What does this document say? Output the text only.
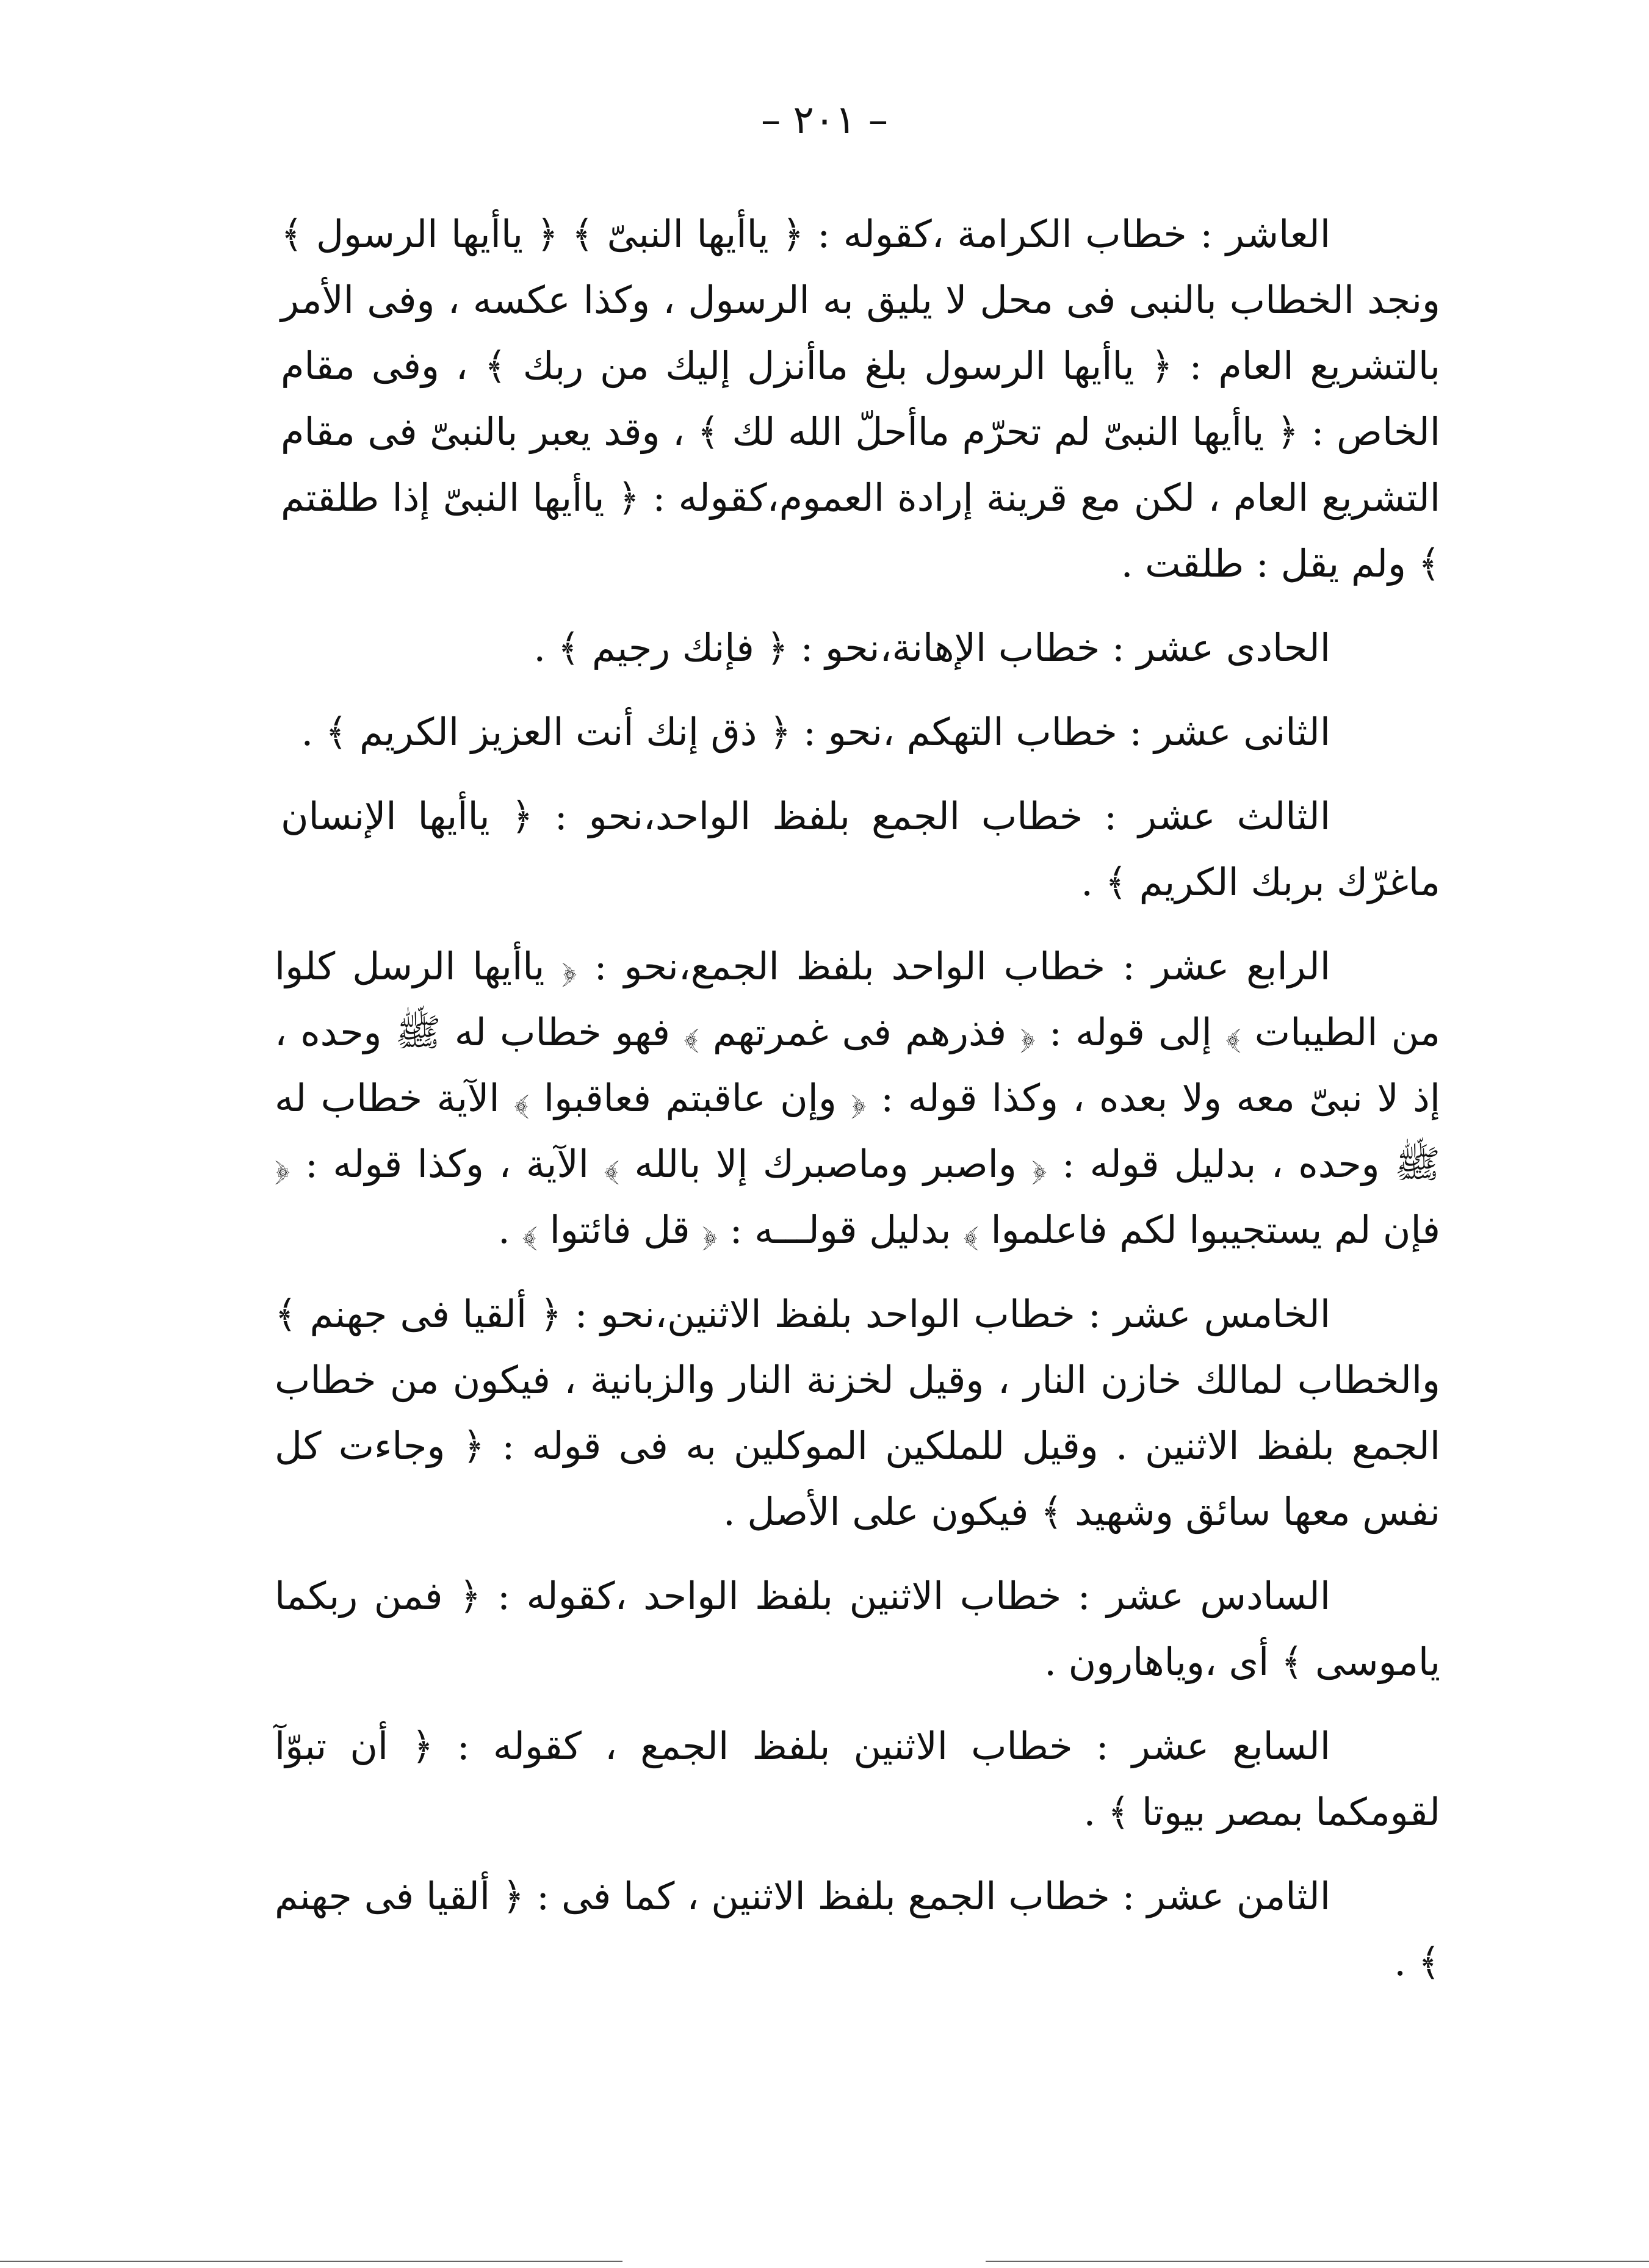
– ٢٠١ –

العاشر : خطاب الكرامة ،كقوله : ﴿ ياأيها النبىّ ﴾ ﴿ ياأيها الرسول ﴾ ونجد الخطاب بالنبى فى محل لا يليق به الرسول ، وكذا عكسه ، وفى الأمر بالتشريع العام : ﴿ ياأيها الرسول بلغ ماأنزل إليك من ربك ﴾ ، وفى مقام الخاص : ﴿ ياأيها النبىّ لم تحرّم ماأحلّ الله لك ﴾ ، وقد يعبر بالنبىّ فى مقام التشريع العام ، لكن مع قرينة إرادة العموم،كقوله : ﴿ ياأيها النبىّ إذا طلقتم ﴾ ولم يقل : طلقت .

الحادى عشر : خطاب الإهانة،نحو : ﴿ فإنك رجيم ﴾ .

الثانى عشر : خطاب التهكم ،نحو : ﴿ ذق إنك أنت العزيز الكريم ﴾ .

الثالث عشر : خطاب الجمع بلفظ الواحد،نحو : ﴿ ياأيها الإنسان ماغرّك بربك الكريم ﴾ .

الرابع عشر : خطاب الواحد بلفظ الجمع،نحو : ﴿ ياأيها الرسل كلوا من الطيبات ﴾ إلى قوله : ﴿ فذرهم فى غمرتهم ﴾ فهو خطاب له ﷺ وحده ، إذ لا نبىّ معه ولا بعده ، وكذا قوله : ﴿ وإن عاقبتم فعاقبوا ﴾ الآية خطاب له ﷺ وحده ، بدليل قوله : ﴿ واصبر وماصبرك إلا بالله ﴾ الآية ، وكذا قوله : ﴿ فإن لم يستجيبوا لكم فاعلموا ﴾ بدليل قولـــه : ﴿ قل فائتوا ﴾ .

الخامس عشر : خطاب الواحد بلفظ الاثنين،نحو : ﴿ ألقيا فى جهنم ﴾ والخطاب لمالك خازن النار ، وقيل لخزنة النار والزبانية ، فيكون من خطاب الجمع بلفظ الاثنين . وقيل للملكين الموكلين به فى قوله : ﴿ وجاءت كل نفس معها سائق وشهيد ﴾ فيكون على الأصل .

السادس عشر : خطاب الاثنين بلفظ الواحد ،كقوله : ﴿ فمن ربكما ياموسى ﴾ أى ،وياهارون .

السابع عشر : خطاب الاثنين بلفظ الجمع ، كقوله : ﴿ أن تبوّآ لقومكما بمصر بيوتا ﴾ .

الثامن عشر : خطاب الجمع بلفظ الاثنين ، كما فى : ﴿ ألقيا فى جهنم ﴾ .
